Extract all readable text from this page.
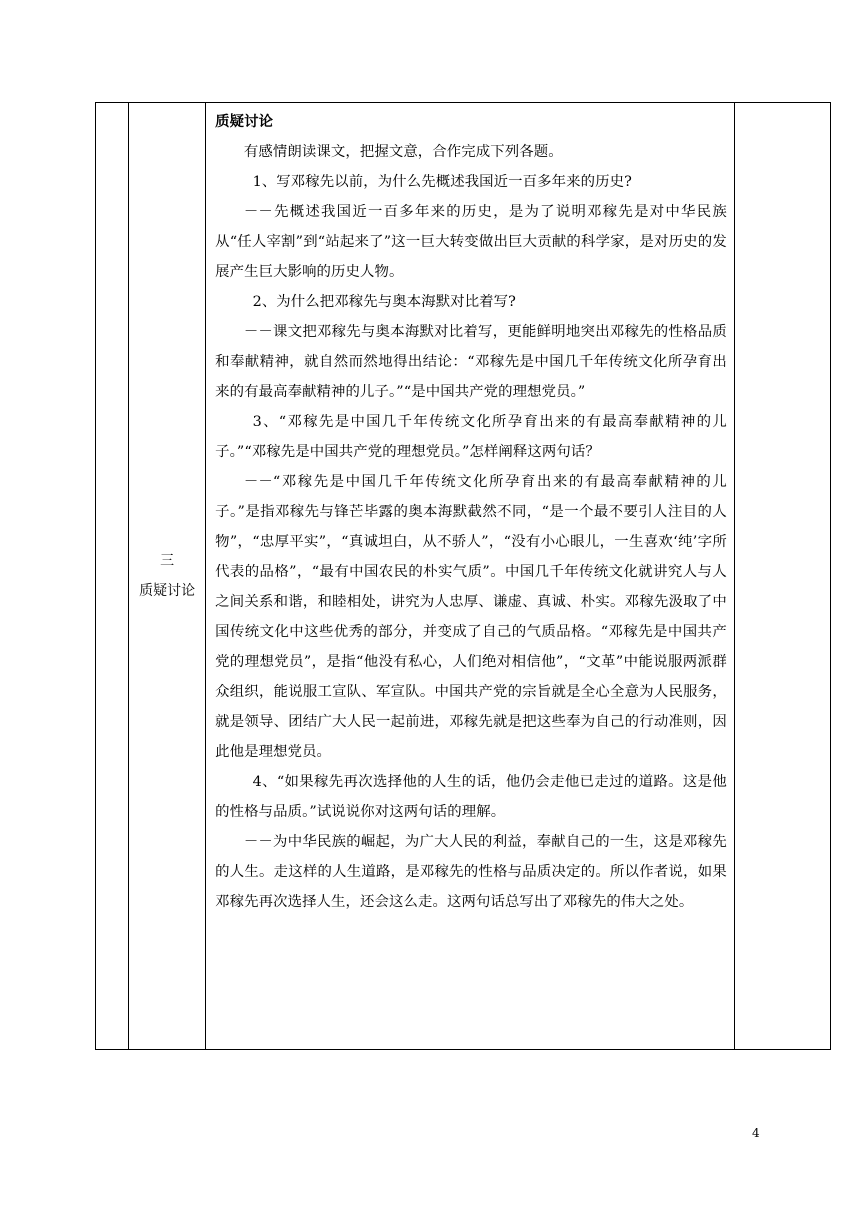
三
质疑讨论

质疑讨论

有感情朗读课文，把握文意，合作完成下列各题。

1、写邓稼先以前，为什么先概述我国近一百多年来的历史?

－－先概述我国近一百多年来的历史，是为了说明邓稼先是对中华民族从“任人宰割”到“站起来了”这一巨大转变做出巨大贡献的科学家，是对历史的发展产生巨大影响的历史人物。

2、为什么把邓稼先与奥本海默对比着写?

－－课文把邓稼先与奥本海默对比着写，更能鲜明地突出邓稼先的性格品质和奉献精神，就自然而然地得出结论：“邓稼先是中国几千年传统文化所孕育出来的有最高奉献精神的儿子。”“是中国共产党的理想党员。”

3、“邓稼先是中国几千年传统文化所孕育出来的有最高奉献精神的儿子。”“邓稼先是中国共产党的理想党员。”怎样阐释这两句话？

－－“邓稼先是中国几千年传统文化所孕育出来的有最高奉献精神的儿子。”是指邓稼先与锋芒毕露的奥本海默截然不同，“是一个最不要引人注目的人物”，“忠厚平实”，“真诚坦白，从不骄人”，“没有小心眼儿，一生喜欢‘纯’字所代表的品格”，“最有中国农民的朴实气质”。中国几千年传统文化就讲究人与人之间关系和谐，和睦相处，讲究为人忠厚、谦虚、真诚、朴实。邓稼先汲取了中国传统文化中这些优秀的部分，并变成了自己的气质品格。“邓稼先是中国共产党的理想党员”，是指“他没有私心，人们绝对相信他”，“文革”中能说服两派群众组织，能说服工宣队、军宣队。中国共产党的宗旨就是全心全意为人民服务，就是领导、团结广大人民一起前进，邓稼先就是把这些奉为自己的行动准则，因此他是理想党员。

4、“如果稼先再次选择他的人生的话，他仍会走他已走过的道路。这是他的性格与品质。”试说说你对这两句话的理解。

－－为中华民族的崛起，为广大人民的利益，奉献自己的一生，这是邓稼先的人生。走这样的人生道路，是邓稼先的性格与品质决定的。所以作者说，如果邓稼先再次选择人生，还会这么走。这两句话总写出了邓稼先的伟大之处。

4
